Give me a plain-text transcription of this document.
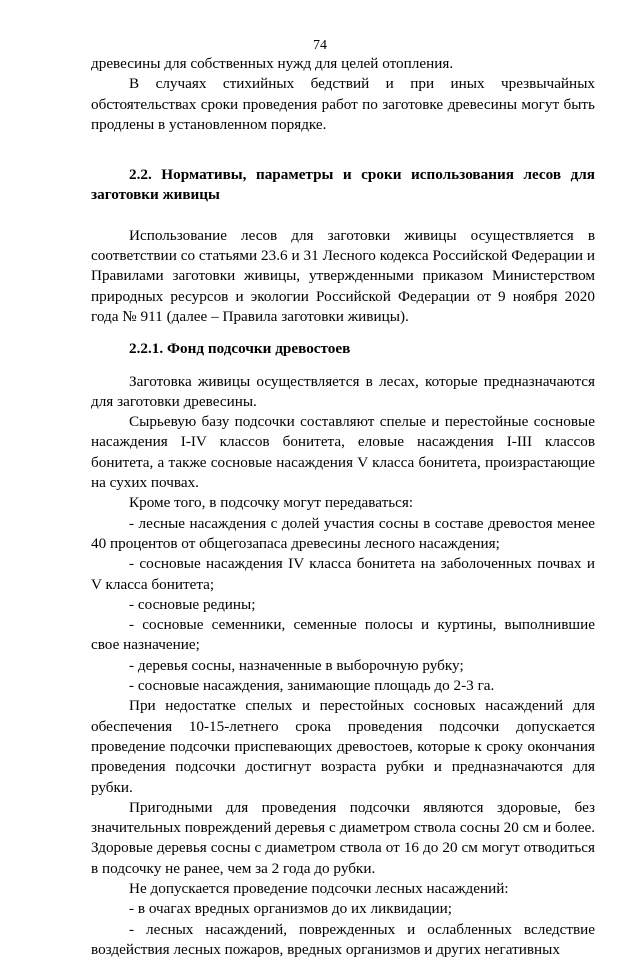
74

древесины для собственных нужд для целей отопления.

В случаях стихийных бедствий и при иных чрезвычайных обстоятельствах сроки проведения работ по заготовке древесины могут быть продлены в установленном порядке.

2.2. Нормативы, параметры и сроки использования лесов для заготовки живицы

Использование лесов для заготовки живицы осуществляется в соответствии со статьями 23.6 и 31 Лесного кодекса Российской Федерации и Правилами заготовки живицы, утвержденными приказом Министерством природных ресурсов и экологии Российской Федерации от 9 ноября 2020 года № 911 (далее – Правила заготовки живицы).

2.2.1. Фонд подсочки древостоев

Заготовка живицы осуществляется в лесах, которые предназначаются для заготовки древесины.

Сырьевую базу подсочки составляют спелые и перестойные сосновые насаждения I-IV классов бонитета, еловые насаждения I-III классов бонитета, а также сосновые насаждения V класса бонитета, произрастающие на сухих почвах.

Кроме того, в подсочку могут передаваться:

- лесные насаждения с долей участия сосны в составе древостоя менее 40 процентов от общегозапаса древесины лесного насаждения;

- сосновые насаждения IV класса бонитета на заболоченных почвах и V класса бонитета;

- сосновые редины;

- сосновые семенники, семенные полосы и куртины, выполнившие свое назначение;

- деревья сосны, назначенные в выборочную рубку;

- сосновые насаждения, занимающие площадь до 2-3 га.

При недостатке спелых и перестойных сосновых насаждений для обеспечения 10-15-летнего срока проведения подсочки допускается проведение подсочки приспевающих древостоев, которые к сроку окончания проведения подсочки достигнут возраста рубки и предназначаются для рубки.

Пригодными для проведения подсочки являются здоровые, без значительных повреждений деревья с диаметром ствола сосны 20 см и более. Здоровые деревья сосны с диаметром ствола от 16 до 20 см могут отводиться в подсочку не ранее, чем за 2 года до рубки.

Не допускается проведение подсочки лесных насаждений:

- в очагах вредных организмов до их ликвидации;

- лесных насаждений, поврежденных и ослабленных вследствие воздействия лесных пожаров, вредных организмов и других негативных
